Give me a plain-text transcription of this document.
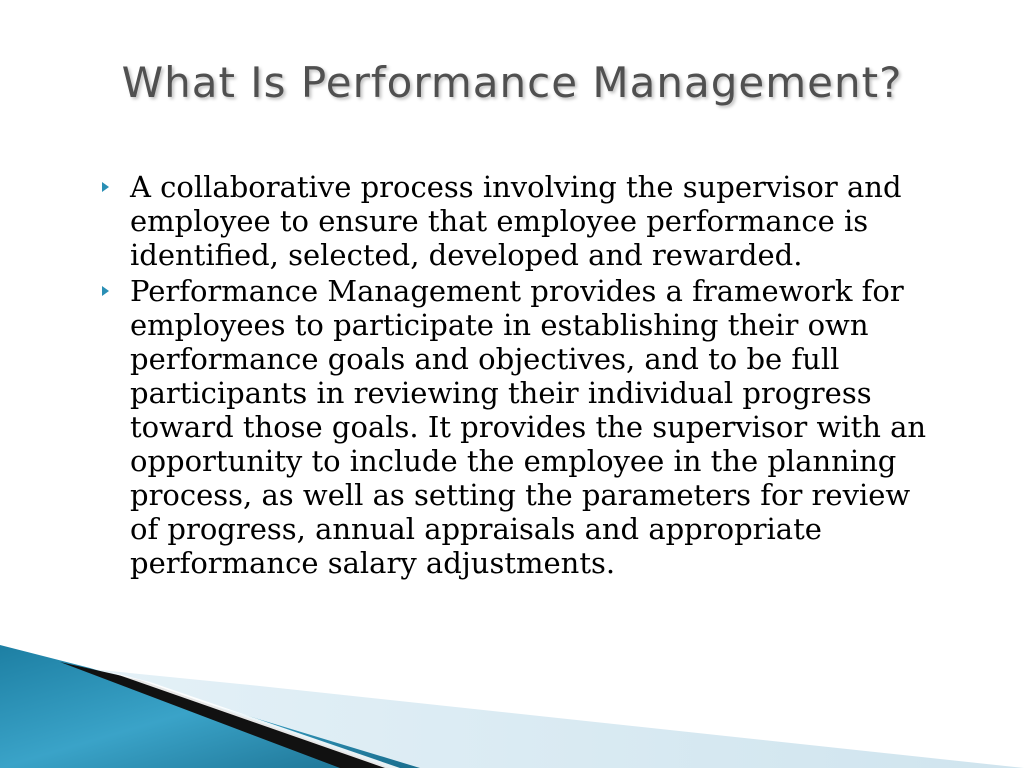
What Is Performance Management?
A collaborative process involving the supervisor and employee to ensure that employee performance is identified, selected, developed and rewarded.
Performance Management provides a framework for employees to participate in establishing their own performance goals and objectives, and to be full participants in reviewing their individual progress toward those goals. It provides the supervisor with an opportunity to include the employee in the planning process, as well as setting the parameters for review of progress, annual appraisals and appropriate performance salary adjustments.
